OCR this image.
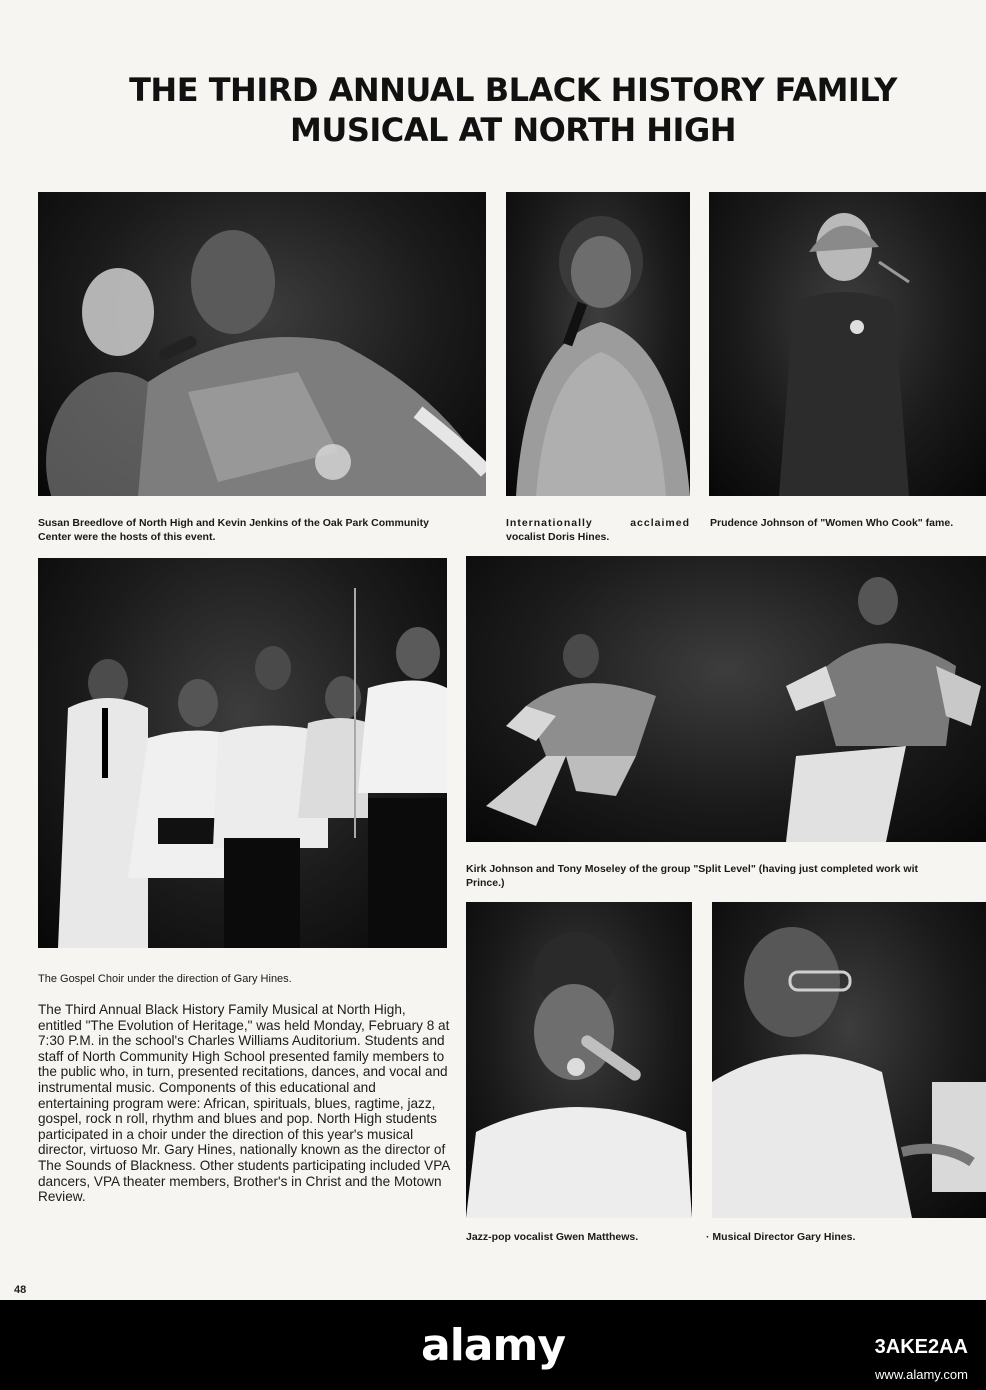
THE THIRD ANNUAL BLACK HISTORY FAMILY
MUSICAL AT NORTH HIGH

Susan Breedlove of North High and Kevin Jenkins of the Oak Park Community
Center were the hosts of this event.

Internationally acclaimed
vocalist Doris Hines.

Prudence Johnson of "Women Who Cook" fame.

Kirk Johnson and Tony Moseley of the group "Split Level" (having just completed work wit
Prince.)

The Gospel Choir under the direction of Gary Hines.

The Third Annual Black History Family Musical at North High, entitled "The Evolution of Heritage," was held Monday, February 8 at 7:30 P.M. in the school's Charles Williams Auditorium. Students and staff of North Community High School presented family members to the public who, in turn, presented recitations, dances, and vocal and instrumental music. Components of this educational and entertaining program were: African, spirituals, blues, ragtime, jazz, gospel, rock n roll, rhythm and blues and pop. North High students participated in a choir under the direction of this year's musical director, virtuoso Mr. Gary Hines, nationally known as the director of The Sounds of Blackness. Other students participating included VPA dancers, VPA theater members, Brother's in Christ and the Motown Review.

Jazz-pop vocalist Gwen Matthews.	· Musical Director Gary Hines.

48
alamy	3AKE2AA
www.alamy.com
